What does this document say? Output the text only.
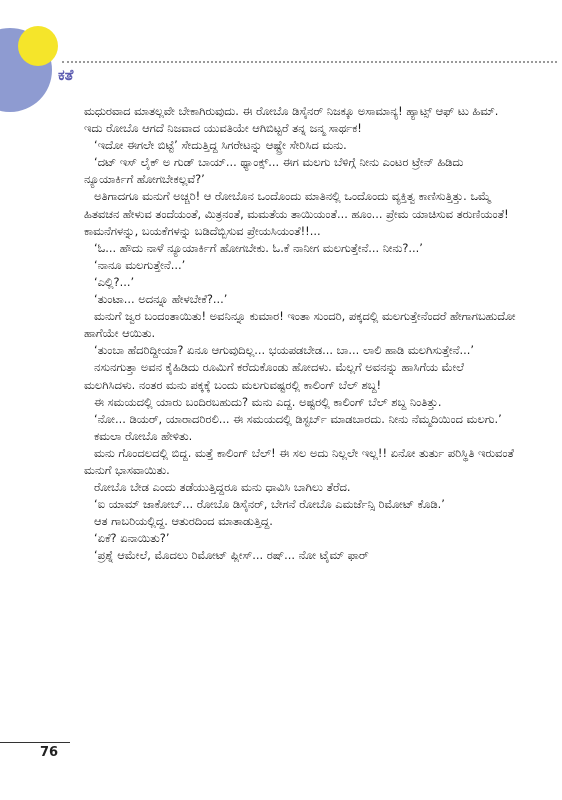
ಕತೆ

ಮಧುರವಾದ ಮಾತಲ್ಲವೇ ಬೇಕಾಗಿರುವುದು. ಈ ರೋಬೊ ಡಿಸೈನರ್ ನಿಜಕ್ಕೂ ಅಸಾಮಾನ್ಯ! ಹ್ಯಾಟ್ಸ್ ಆಫ್ ಟು ಹಿಮ್. ಇದು ರೋಬೊ ಆಗದೆ ನಿಜವಾದ ಯುವತಿಯೇ ಆಗಿಬಿಟ್ಟರೆ ತನ್ನ ಜನ್ಮ ಸಾರ್ಥಕ!

‘ಇದೋ ಈಗಲೇ ಬಿಟ್ಟೆ’ ಸೇದುತ್ತಿದ್ದ ಸಿಗರೇಟನ್ನು ಆಷ್ಟ್ರೇ ಸೇರಿಸಿದ ಮನು.

‘ದಟ್ ಇಸ್ ಲೈಕ್ ಅ ಗುಡ್ ಬಾಯ್... ಥ್ಯಾಂಕ್ಸ್... ಈಗ ಮಲಗು ಬೆಳಿಗ್ಗೆ ನೀನು ಎಂಟರ ಟ್ರೇನ್ ಹಿಡಿದು ನ್ಯೂಯಾರ್ಕಿಗೆ ಹೋಗಬೇಕಲ್ಲವೆ?’

ಅತಿಗಾದಗೂ ಮನುಗೆ ಅಚ್ಚರಿ! ಆ ರೋಬೊನ ಒಂದೊಂದು ಮಾತಿನಲ್ಲಿ ಒಂದೊಂದು ವ್ಯಕ್ತಿತ್ವ ಕಾಣಿಸುತ್ತಿತ್ತು. ಒಮ್ಮೆ ಹಿತವಚನ ಹೇಳುವ ತಂದೆಯಂತೆ, ಮಿತ್ರನಂತೆ, ಮಮತೆಯ ತಾಯಿಯಂತೆ... ಹೂಂ... ಪ್ರೇಮ ಯಾಚಿಸುವ ತರುಣಿಯಂತೆ! ಕಾಮನೆಗಳನ್ನು, ಬಯಕೆಗಳನ್ನು ಬಡಿದೆಬ್ಬಿಸುವ ಪ್ರೇಯಸಿಯಂತೆ!!...

‘ಓ... ಹೌದು ನಾಳೆ ನ್ಯೂಯಾರ್ಕಿಗೆ ಹೋಗಬೇಕು. ಓ.ಕೆ ನಾನೀಗ ಮಲಗುತ್ತೇನೆ... ನೀನು?...’

‘ನಾನೂ ಮಲಗುತ್ತೇನೆ...’

‘ಎಲ್ಲಿ?...’

‘ತುಂಟಾ... ಅದನ್ನೂ ಹೇಳಬೇಕೆ?...’

ಮನುಗೆ ಜ್ವರ ಬಂದಂತಾಯಿತು! ಅವನಿನ್ನೂ ಕುಮಾರ! ಇಂತಾ ಸುಂದರಿ, ಪಕ್ಕದಲ್ಲಿ ಮಲಗುತ್ತೇನೆಂದರೆ ಹೇಗಾಗಬಹುದೋ ಹಾಗೆಯೇ ಆಯಿತು.

‘ತುಂಬಾ ಹೆದರಿದ್ದೀಯಾ? ಏನೂ ಆಗುವುದಿಲ್ಲ... ಭಯಪಡಬೇಡ... ಬಾ... ಲಾಲಿ ಹಾಡಿ ಮಲಗಿಸುತ್ತೇನೆ...’

ನಸುನಗುತ್ತಾ ಅವನ ಕೈಹಿಡಿದು ರೂಮಿಗೆ ಕರೆದುಕೊಂಡು ಹೋದಳು. ಮೆಲ್ಲಗೆ ಅವನನ್ನು ಹಾಸಿಗೆಯ ಮೇಲೆ ಮಲಗಿಸಿದಳು. ನಂತರ ಮನು ಪಕ್ಕಕ್ಕೆ ಬಂದು ಮಲಗುವಷ್ಟರಲ್ಲಿ ಕಾಲಿಂಗ್ ಬೆಲ್ ಶಬ್ದ!

ಈ ಸಮಯದಲ್ಲಿ ಯಾರು ಬಂದಿರಬಹುದು? ಮನು ಎದ್ದ. ಅಷ್ಟರಲ್ಲಿ ಕಾಲಿಂಗ್ ಬೆಲ್ ಶಬ್ದ ನಿಂತಿತ್ತು.

‘ನೋ... ಡಿಯರ್, ಯಾರಾದರಿರಲಿ... ಈ ಸಮಯದಲ್ಲಿ ಡಿಸ್ಟರ್ಬ್ ಮಾಡಬಾರದು. ನೀನು ನೆಮ್ಮದಿಯಿಂದ ಮಲಗು.’

ಕಮಲಾ ರೋಬೊ ಹೇಳಿತು.

ಮನು ಗೊಂದಲದಲ್ಲಿ ಬಿದ್ದ. ಮತ್ತೆ ಕಾಲಿಂಗ್ ಬೆಲ್! ಈ ಸಲ ಅದು ನಿಲ್ಲಲೇ ಇಲ್ಲ!! ಏನೋ ತುರ್ತು ಪರಿಸ್ಥಿತಿ ಇರುವಂತೆ ಮನುಗೆ ಭಾಸವಾಯಿತು.

ರೋಬೊ ಬೇಡ ಎಂದು ತಡೆಯುತ್ತಿದ್ದರೂ ಮನು ಧಾವಿಸಿ ಬಾಗಿಲು ತೆರೆದ.

‘ಐ ಯಾಮ್ ಜಾಕೋಬ್... ರೋಬೊ ಡಿಸೈನರ್, ಬೇಗನೆ ರೋಬೊ ಎಮರ್ಜೆನ್ಸಿ ರಿಮೋಟ್ ಕೊಡಿ.’

ಆತ ಗಾಬರಿಯಲ್ಲಿದ್ದ. ಆತುರದಿಂದ ಮಾತಾಡುತ್ತಿದ್ದ.

‘ಏಕೆ? ಏನಾಯಿತು?’

‘ಪ್ರಶ್ನೆ ಆಮೇಲೆ, ಮೊದಲು ರಿಮೋಟ್ ಪ್ಲೀಸ್... ರಷ್... ನೋ ಟೈಮ್ ಫಾರ್

76
